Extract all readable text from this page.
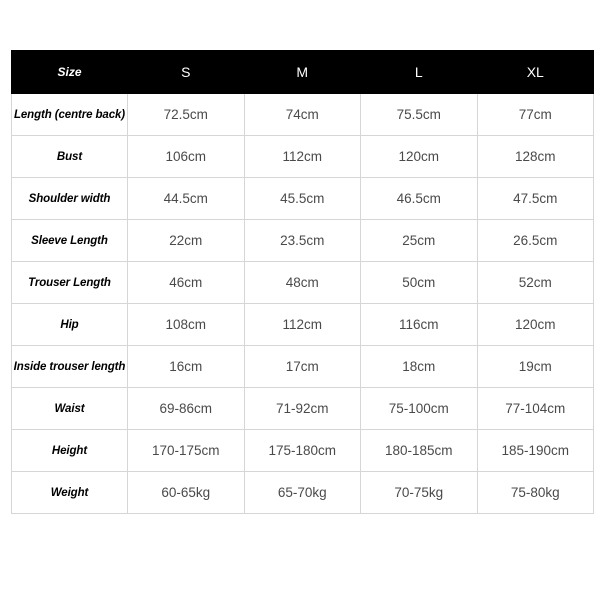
Size	S	M	L	XL
Length (centre back)	72.5cm	74cm	75.5cm	77cm
Bust	106cm	112cm	120cm	128cm
Shoulder width	44.5cm	45.5cm	46.5cm	47.5cm
Sleeve Length	22cm	23.5cm	25cm	26.5cm
Trouser Length	46cm	48cm	50cm	52cm
Hip	108cm	112cm	116cm	120cm
Inside trouser length	16cm	17cm	18cm	19cm
Waist	69-86cm	71-92cm	75-100cm	77-104cm
Height	170-175cm	175-180cm	180-185cm	185-190cm
Weight	60-65kg	65-70kg	70-75kg	75-80kg
